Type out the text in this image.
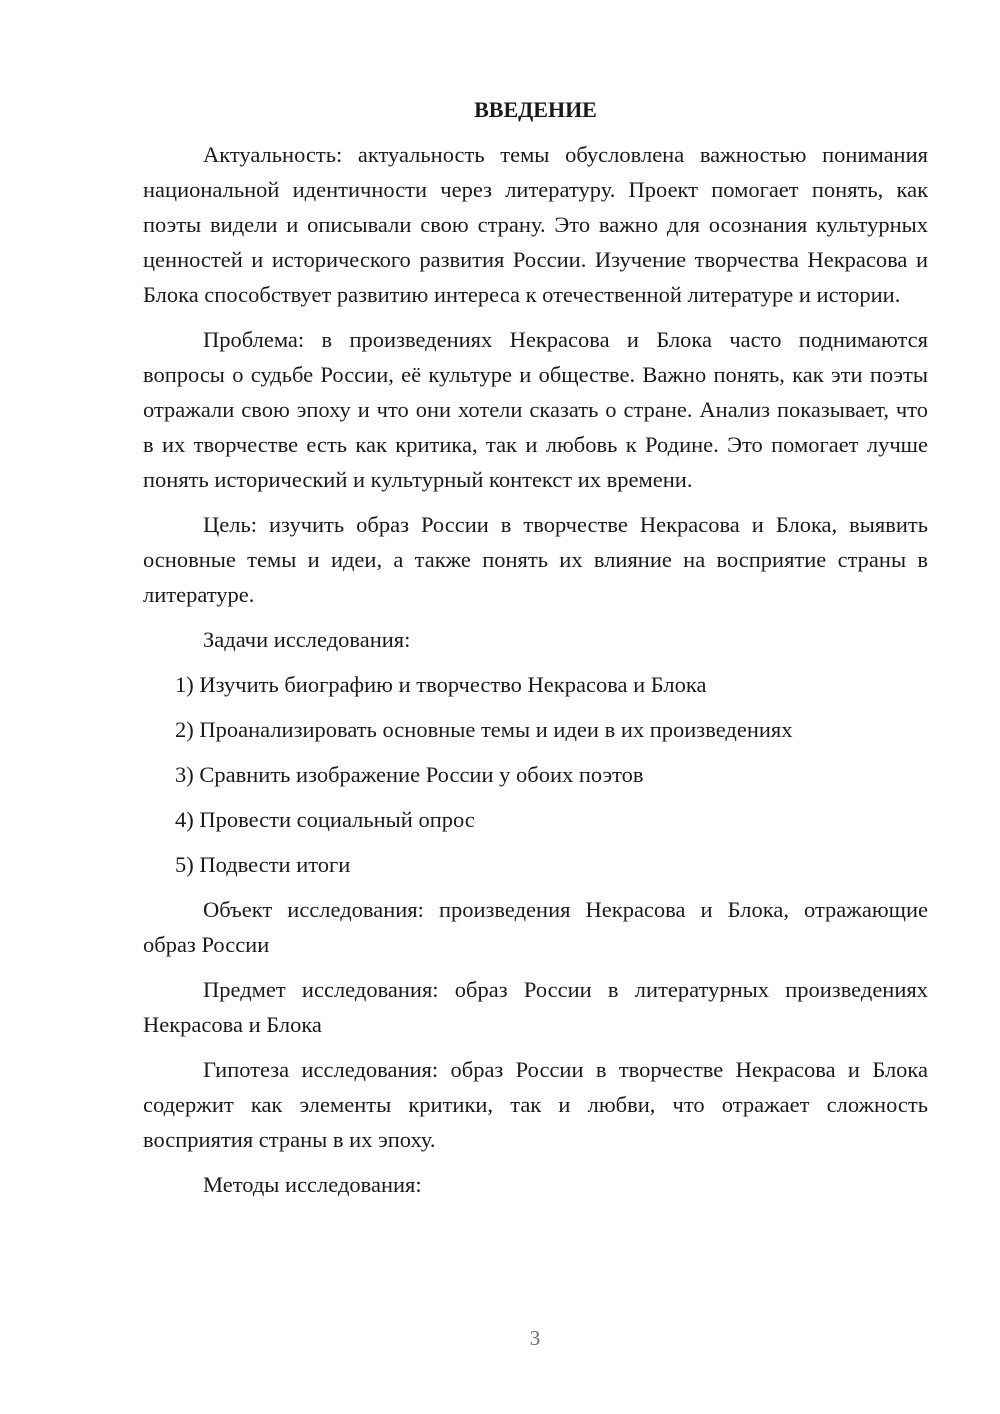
ВВЕДЕНИЕ

Актуальность: актуальность темы обусловлена важностью понимания национальной идентичности через литературу. Проект помогает понять, как поэты видели и описывали свою страну. Это важно для осознания культурных ценностей и исторического развития России. Изучение творчества Некрасова и Блока способствует развитию интереса к отечественной литературе и истории.

Проблема: в произведениях Некрасова и Блока часто поднимаются вопросы о судьбе России, её культуре и обществе. Важно понять, как эти поэты отражали свою эпоху и что они хотели сказать о стране. Анализ показывает, что в их творчестве есть как критика, так и любовь к Родине. Это помогает лучше понять исторический и культурный контекст их времени.

Цель: изучить образ России в творчестве Некрасова и Блока, выявить основные темы и идеи, а также понять их влияние на восприятие страны в литературе.

Задачи исследования:

1) Изучить биографию и творчество Некрасова и Блока
2) Проанализировать основные темы и идеи в их произведениях
3) Сравнить изображение России у обоих поэтов
4) Провести социальный опрос
5) Подвести итоги

Объект исследования: произведения Некрасова и Блока, отражающие образ России

Предмет исследования: образ России в литературных произведениях Некрасова и Блока

Гипотеза исследования: образ России в творчестве Некрасова и Блока содержит как элементы критики, так и любви, что отражает сложность восприятия страны в их эпоху.

Методы исследования:

3
